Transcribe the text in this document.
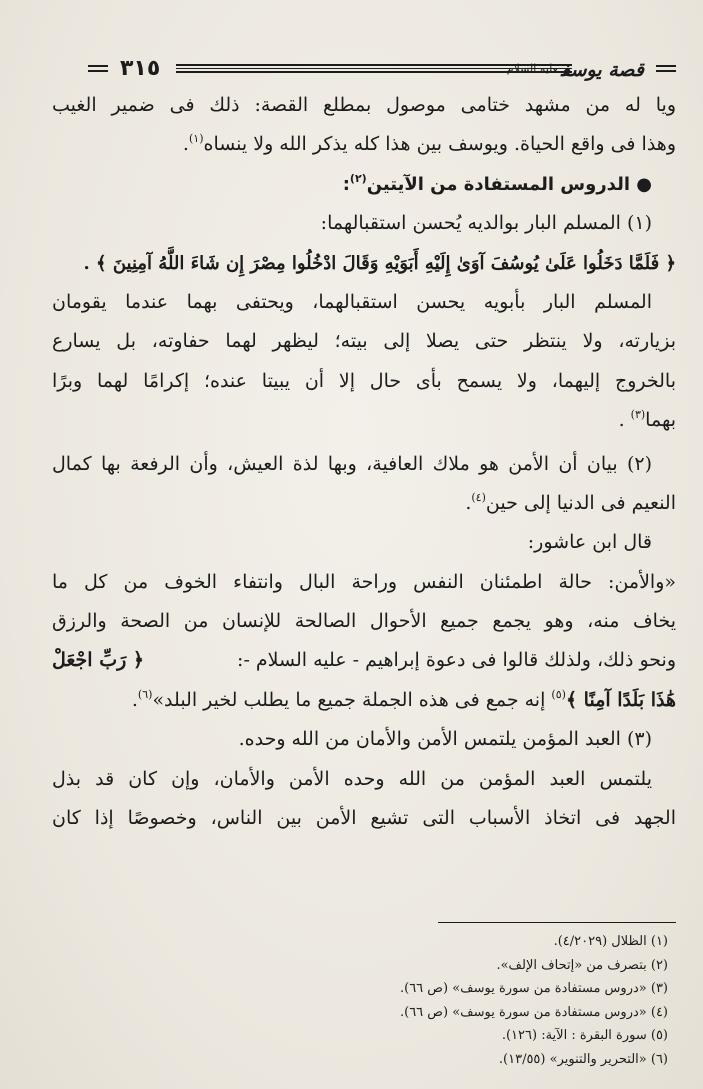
٣١٥	قصة يوسف$^{عليه السلام}$
ويا له من مشهد ختامى موصول بمطلع القصة: ذلك فى ضمير الغيب
وهذا فى واقع الحياة. ويوسف بين هذا كله يذكر الله ولا ينساه$^{(١)}$.
● الدروس المستفادة من الآيتين$^{(٢)}$:
(١) المسلم البار بوالديه يُحسن استقبالهما:
﴿ فَلَمَّا دَخَلُوا عَلَىٰ يُوسُفَ آوَىٰ إِلَيْهِ أَبَوَيْهِ وَقَالَ ادْخُلُوا مِصْرَ إِن شَاءَ اللَّهُ آمِنِينَ ﴾ .
المسلم البار بأبويه يحسن استقبالهما، ويحتفى بهما عندما يقومان
بزيارته، ولا ينتظر حتى يصلا إلى بيته؛ ليظهر لهما حفاوته، بل يسارع
بالخروج إليهما، ولا يسمح بأى حال إلا أن يبيتا عنده؛ إكرامًا لهما وبرًا
بهما$^{(٣)}$ .
(٢) بيان أن الأمن هو ملاك العافية، وبها لذة العيش، وأن الرفعة بها كمال
النعيم فى الدنيا إلى حين$^{(٤)}$.
قال ابن عاشور:
«والأمن: حالة اطمئنان النفس وراحة البال وانتفاء الخوف من كل ما
يخاف منه، وهو يجمع جميع الأحوال الصالحة للإنسان من الصحة والرزق
ونحو ذلك، ولذلك قالوا فى دعوة إبراهيم - عليه السلام -:
﴿ رَبِّ اجْعَلْ
هَٰذَا بَلَدًا آمِنًا ﴾$^{(٥)}$ إنه جمع فى هذه الجملة جميع ما يطلب لخير البلد»$^{(٦)}$.
(٣) العبد المؤمن يلتمس الأمن والأمان من الله وحده.
يلتمس العبد المؤمن من الله وحده الأمن والأمان، وإن كان قد بذل
الجهد فى اتخاذ الأسباب التى تشيع الأمن بين الناس، وخصوصًا إذا كان
(١) الظلال (٤/٢٠٢٩).
(٢) بتصرف من «إتحاف الإلف».
(٣) «دروس مستفادة من سورة يوسف» (ص ٦٦).
(٤) «دروس مستفادة من سورة يوسف» (ص ٦٦).
(٥) سورة البقرة : الآية: (١٢٦).
(٦) «التحرير والتنوير» (١٣/٥٥).
